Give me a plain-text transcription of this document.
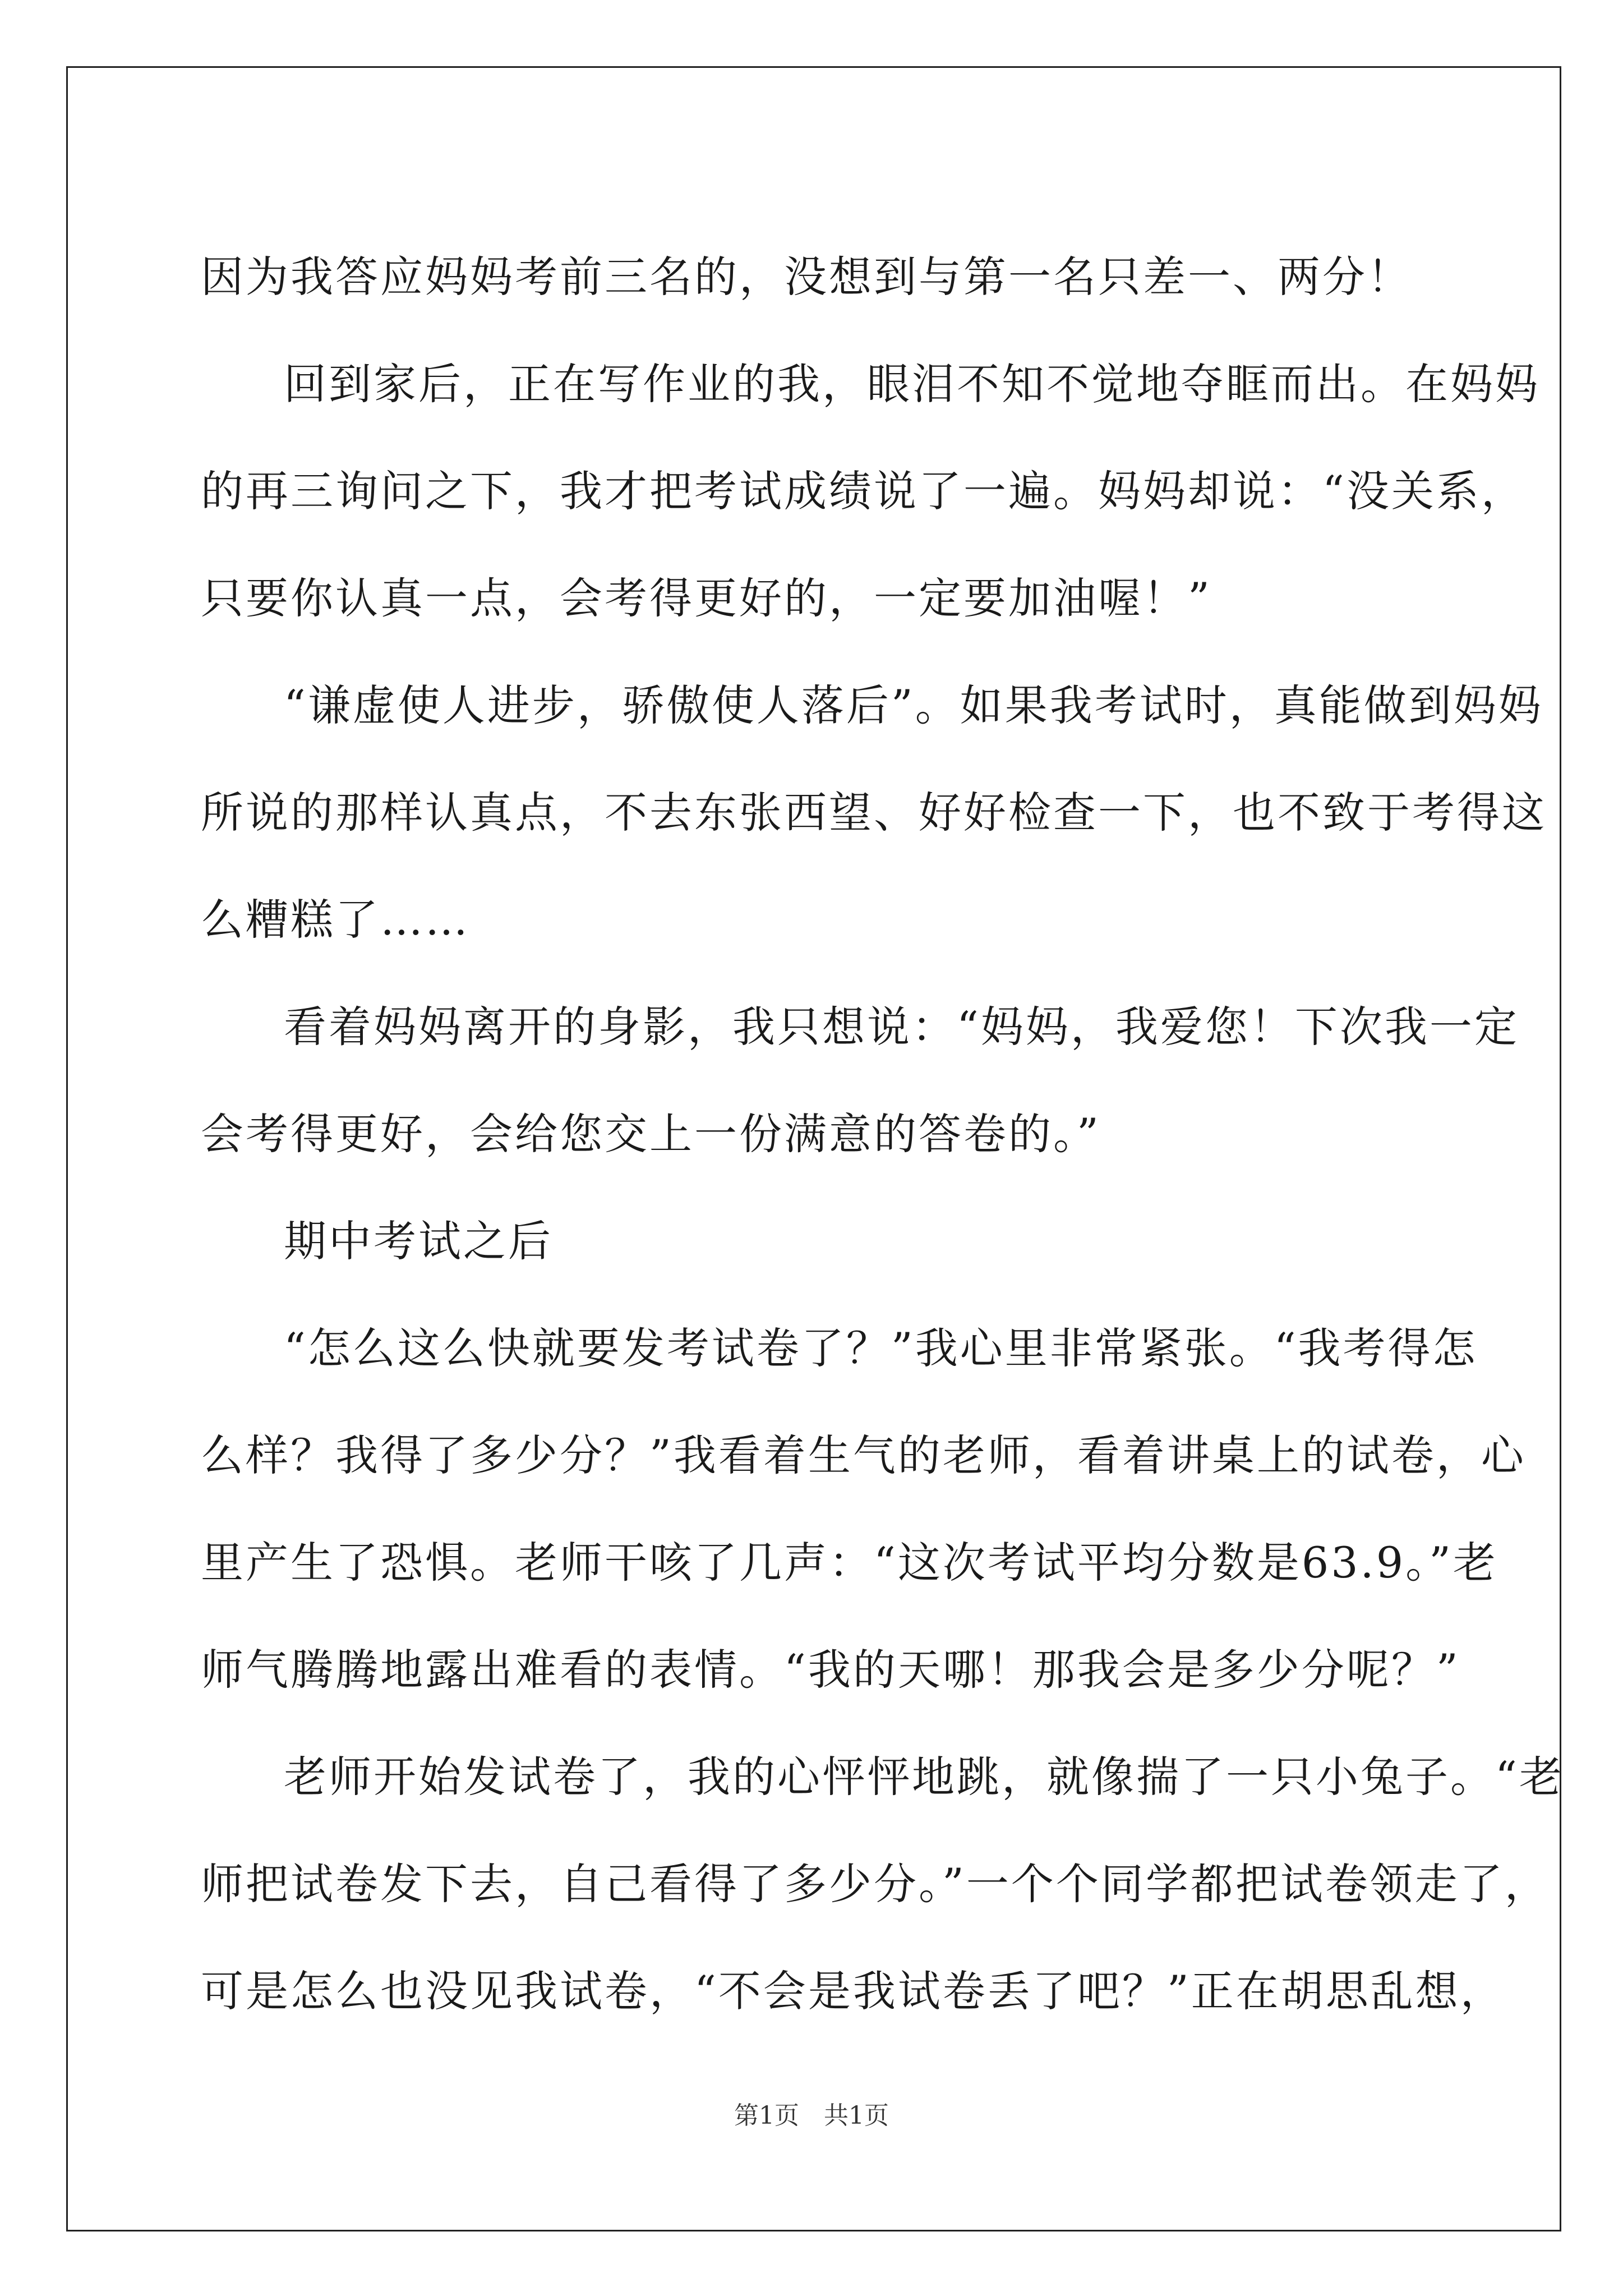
因为我答应妈妈考前三名的，没想到与第一名只差一、两分！
回到家后，正在写作业的我，眼泪不知不觉地夺眶而出。在妈妈
的再三询问之下，我才把考试成绩说了一遍。妈妈却说：“没关系，
只要你认真一点，会考得更好的，一定要加油喔！”
“谦虚使人进步，骄傲使人落后”。如果我考试时，真能做到妈妈
所说的那样认真点，不去东张西望、好好检查一下，也不致于考得这
么糟糕了……
看着妈妈离开的身影，我只想说：“妈妈，我爱您！下次我一定
会考得更好，会给您交上一份满意的答卷的。”
期中考试之后
“怎么这么快就要发考试卷了？”我心里非常紧张。“我考得怎
么样？我得了多少分？”我看着生气的老师，看着讲桌上的试卷，心
里产生了恐惧。老师干咳了几声：“这次考试平均分数是63.9。”老
师气腾腾地露出难看的表情。“我的天哪！那我会是多少分呢？”
老师开始发试卷了，我的心怦怦地跳，就像揣了一只小兔子。“老
师把试卷发下去，自己看得了多少分。”一个个同学都把试卷领走了，
可是怎么也没见我试卷，“不会是我试卷丢了吧？”正在胡思乱想，
第1页　共1页
